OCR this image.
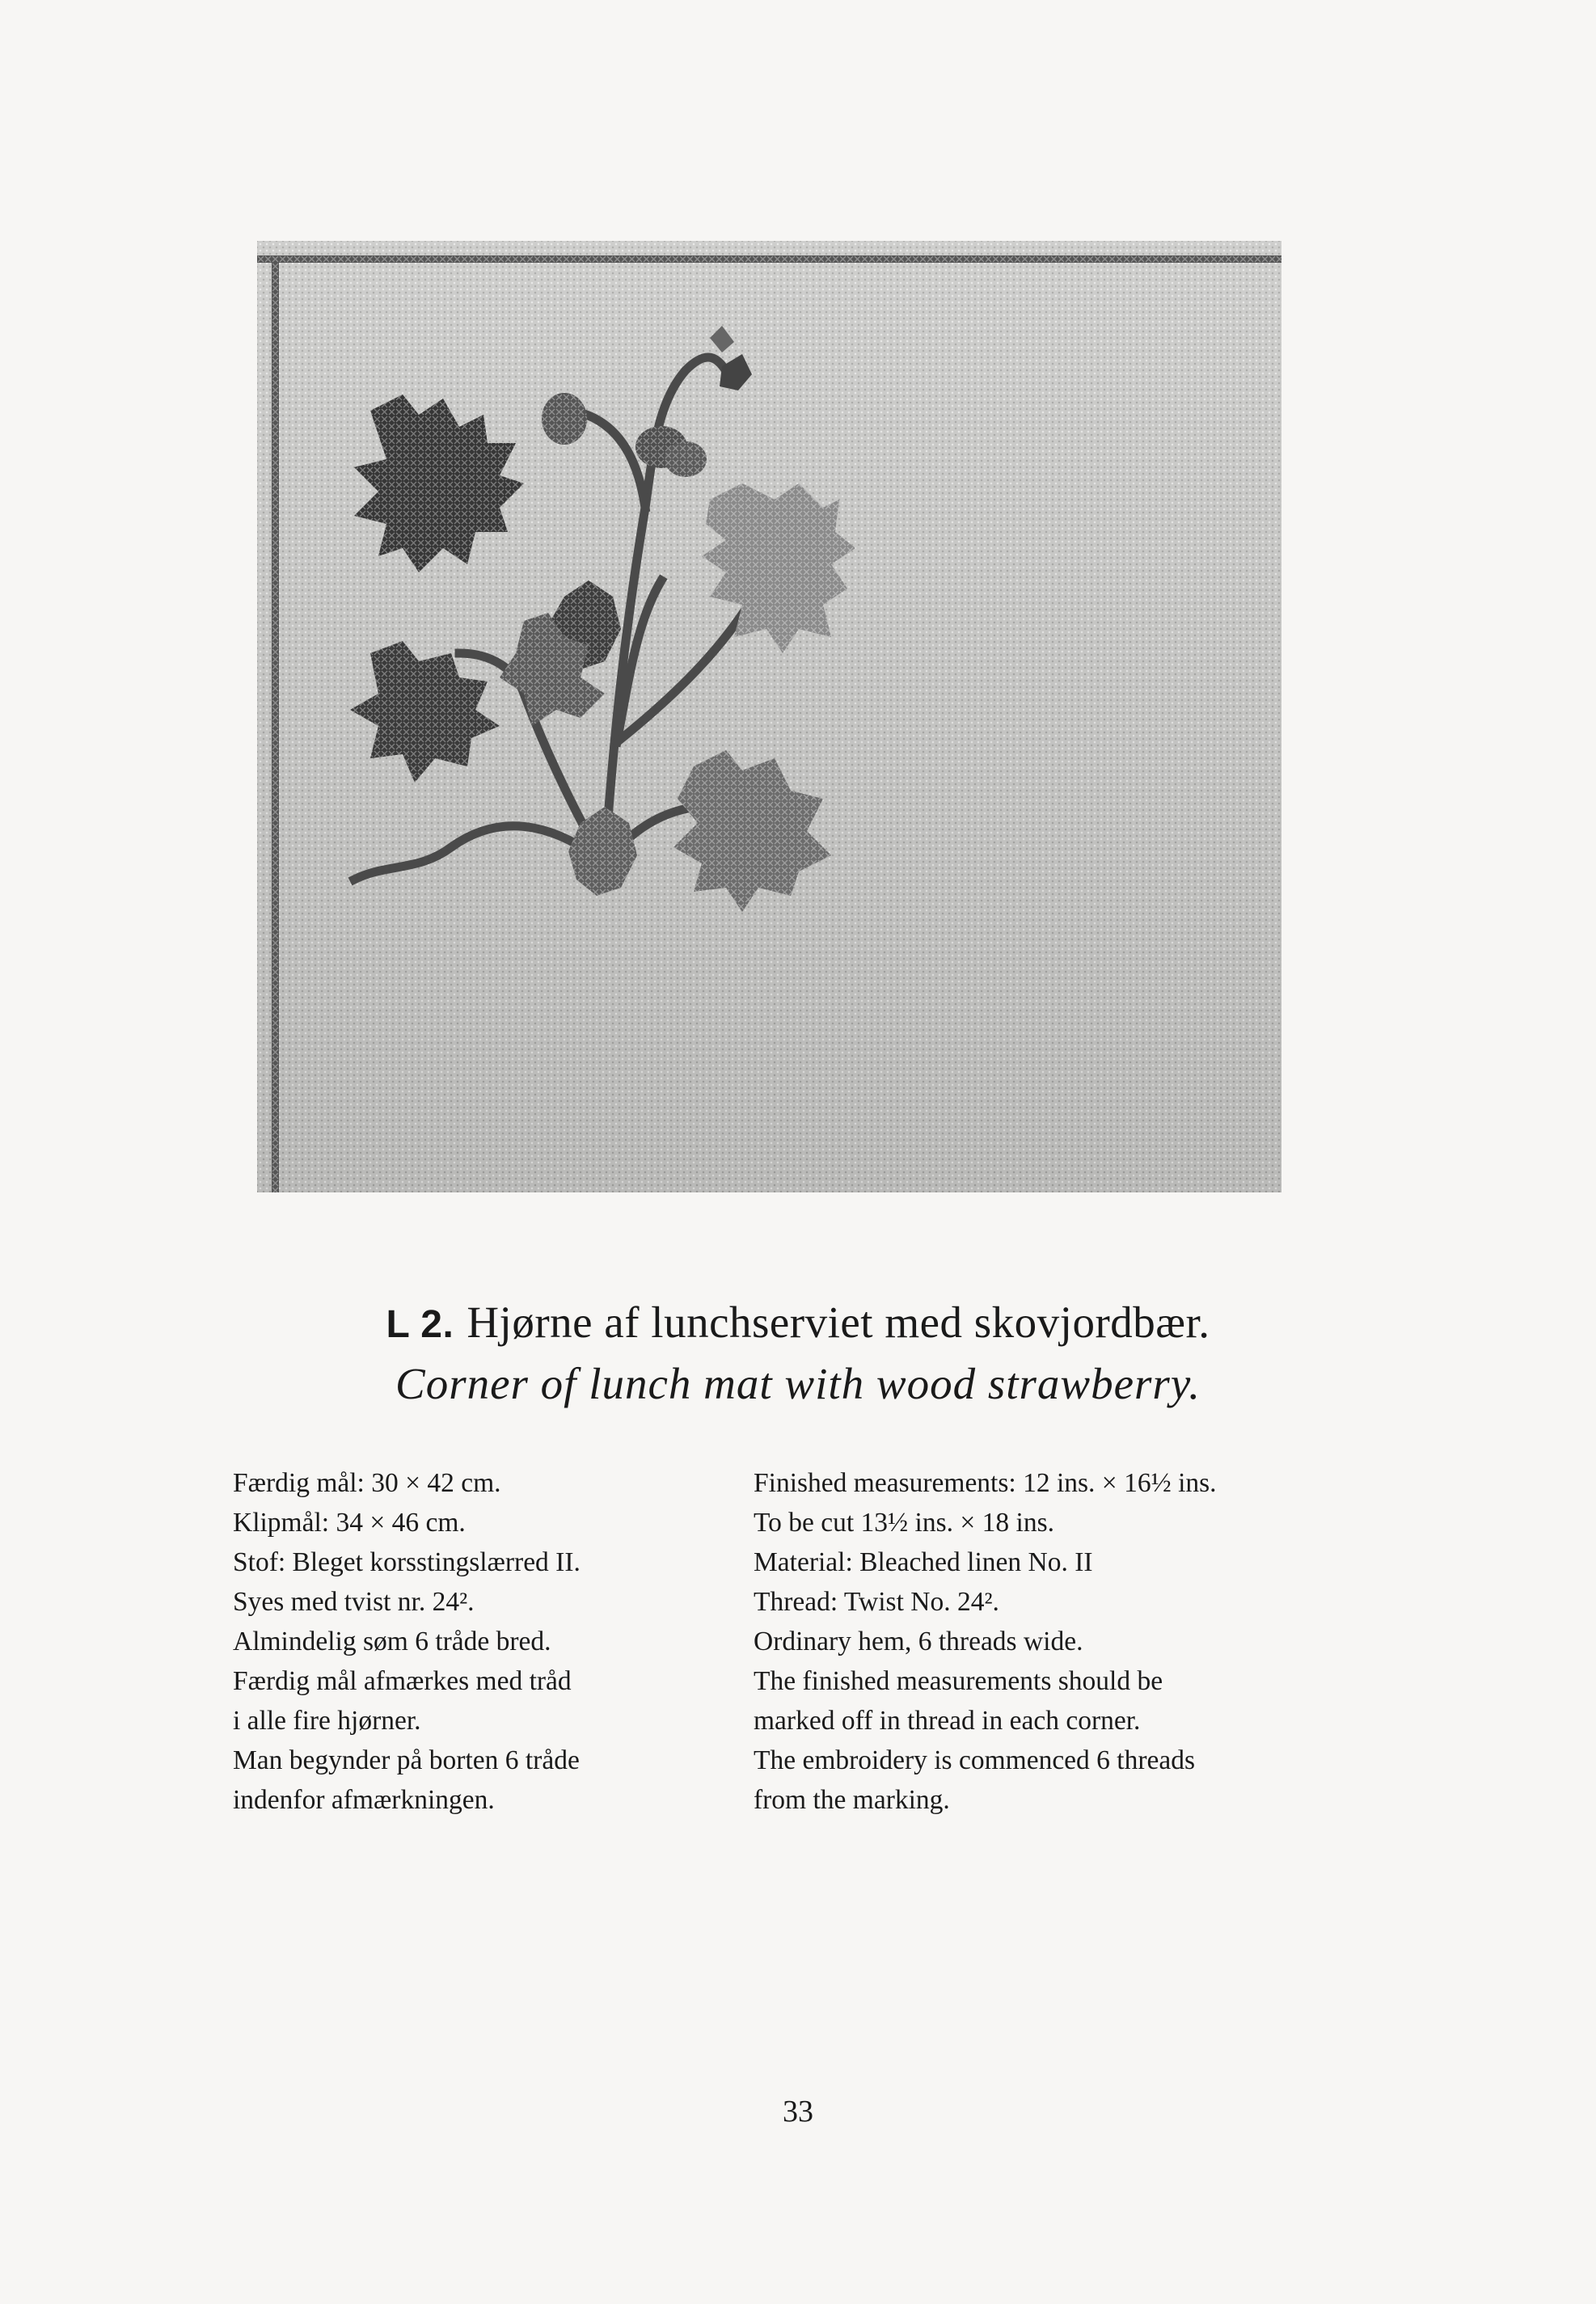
L 2. Hjørne af lunchserviet med skovjordbær.
Corner of lunch mat with wood strawberry.
Færdig mål: 30 × 42 cm.
Klipmål: 34 × 46 cm.
Stof: Bleget korsstingslærred II.
Syes med tvist nr. 24².
Almindelig søm 6 tråde bred.
Færdig mål afmærkes med tråd
i alle fire hjørner.
Man begynder på borten 6 tråde
indenfor afmærkningen.
Finished measurements: 12 ins. × 16½ ins.
To be cut 13½ ins. × 18 ins.
Material: Bleached linen No. II
Thread: Twist No. 24².
Ordinary hem, 6 threads wide.
The finished measurements should be
marked off in thread in each corner.
The embroidery is commenced 6 threads
from the marking.
33
